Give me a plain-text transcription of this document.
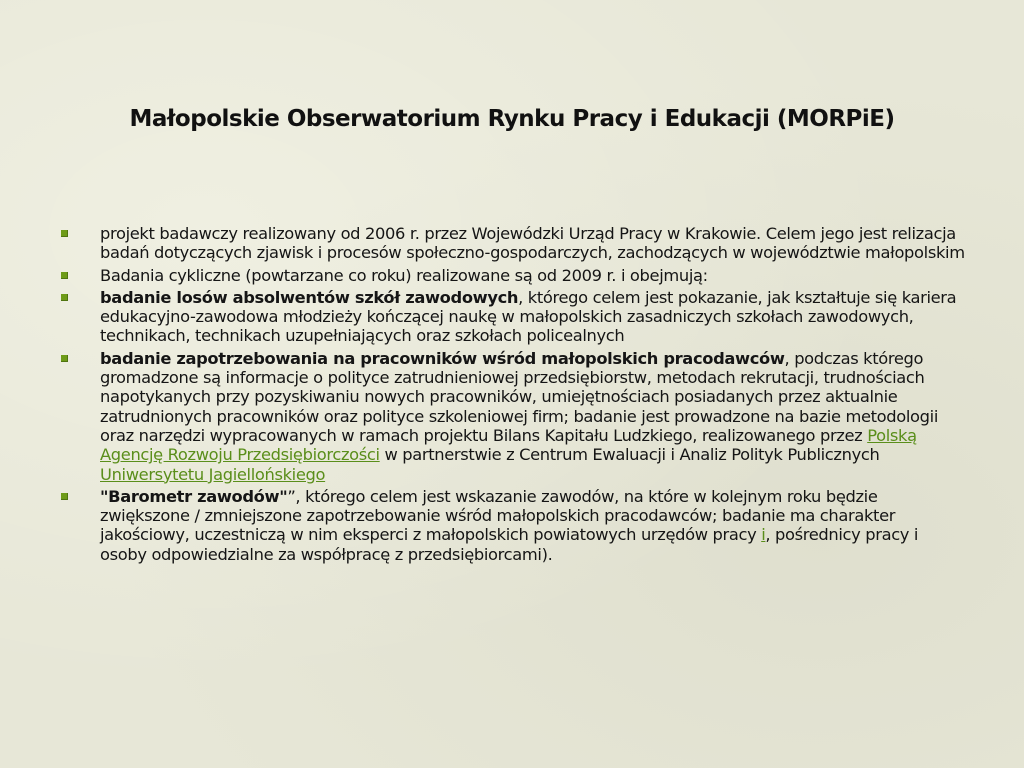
Małopolskie Obserwatorium Rynku Pracy i Edukacji (MORPiE)
projekt badawczy realizowany od 2006 r. przez Wojewódzki Urząd Pracy w Krakowie. Celem jego jest relizacja badań dotyczących zjawisk i procesów społeczno-gospodarczych, zachodzących w województwie małopolskim
Badania cykliczne (powtarzane co roku) realizowane są od 2009 r. i obejmują:
badanie losów absolwentów szkół zawodowych, którego celem jest pokazanie, jak kształtuje się kariera edukacyjno-zawodowa młodzieży kończącej naukę w małopolskich zasadniczych szkołach zawodowych, technikach, technikach uzupełniających oraz szkołach policealnych
badanie zapotrzebowania na pracowników wśród małopolskich pracodawców, podczas którego gromadzone są informacje o polityce zatrudnieniowej przedsiębiorstw, metodach rekrutacji, trudnościach napotykanych przy pozyskiwaniu nowych pracowników, umiejętnościach posiadanych przez aktualnie zatrudnionych pracowników oraz polityce szkoleniowej firm; badanie jest prowadzone na bazie metodologii oraz narzędzi wypracowanych w ramach projektu Bilans Kapitału Ludzkiego, realizowanego przez Polską Agencję Rozwoju Przedsiębiorczości w partnerstwie z Centrum Ewaluacji i Analiz Polityk Publicznych Uniwersytetu Jagiellońskiego
"Barometr zawodów"”, którego celem jest wskazanie zawodów, na które w kolejnym roku będzie zwiększone / zmniejszone zapotrzebowanie wśród małopolskich pracodawców; badanie ma charakter jakościowy, uczestniczą w nim eksperci z małopolskich powiatowych urzędów pracy i, pośrednicy pracy i osoby odpowiedzialne za współpracę z przedsiębiorcami).
